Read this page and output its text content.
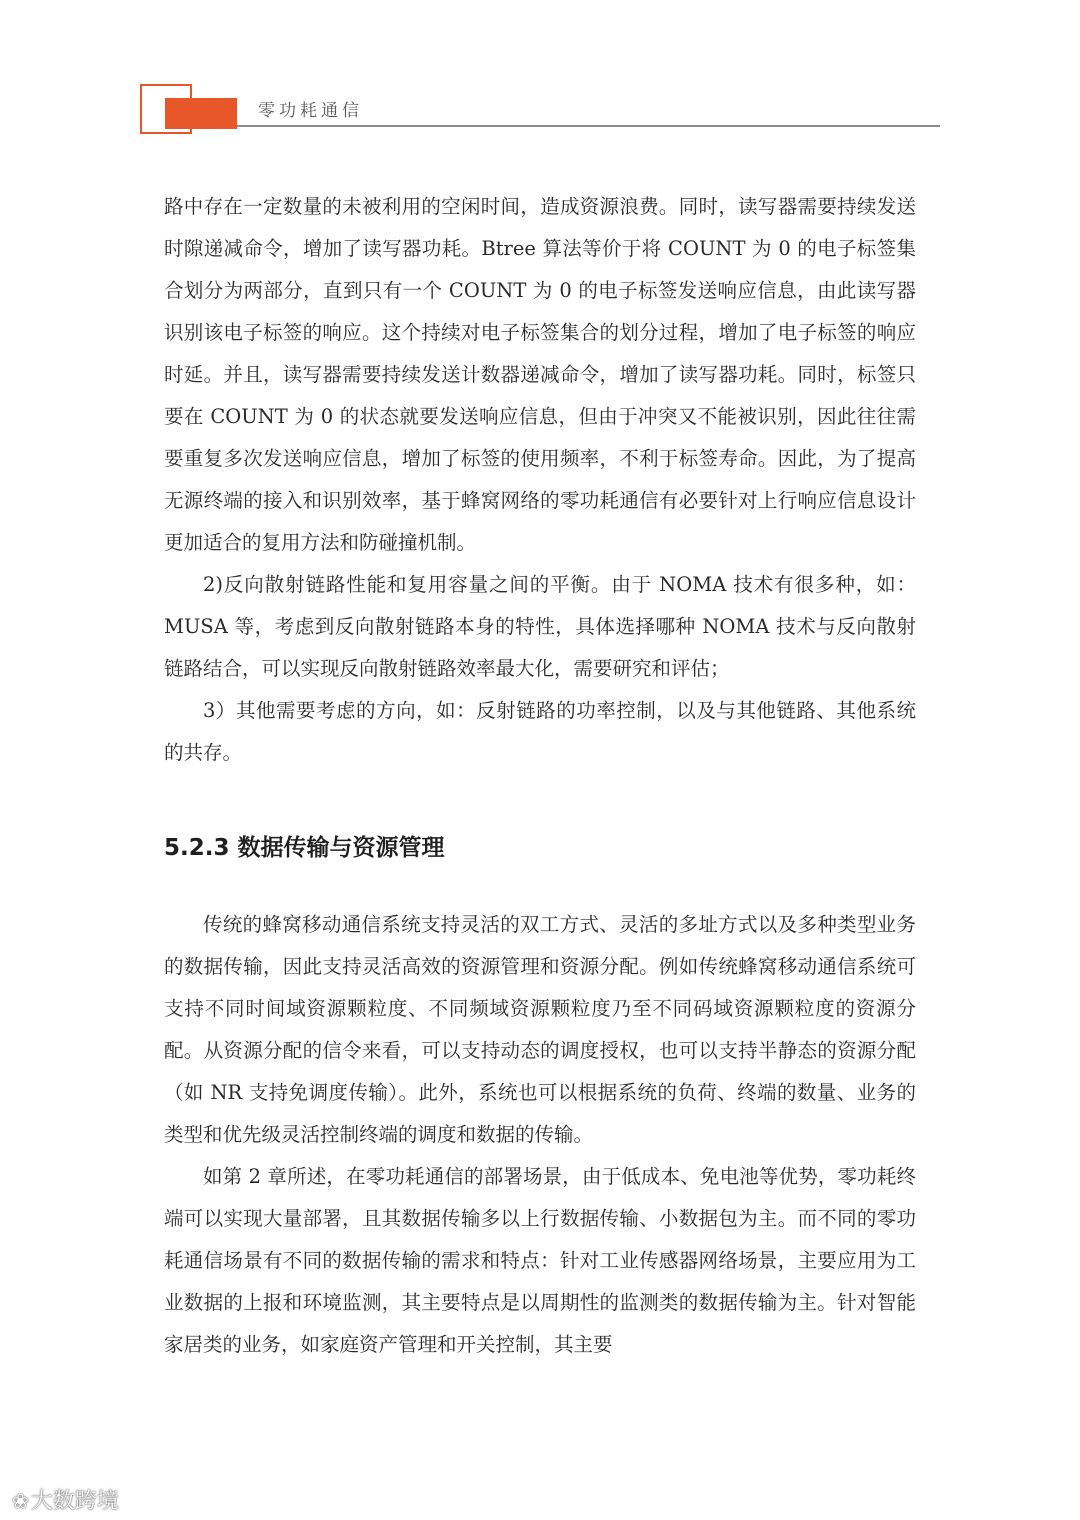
零功耗通信

路中存在一定数量的未被利用的空闲时间，造成资源浪费。同时，读写器需要持续发送时隙递减命令，增加了读写器功耗。Btree 算法等价于将 COUNT 为 0 的电子标签集合划分为两部分，直到只有一个 COUNT 为 0 的电子标签发送响应信息，由此读写器识别该电子标签的响应。这个持续对电子标签集合的划分过程，增加了电子标签的响应时延。并且，读写器需要持续发送计数器递减命令，增加了读写器功耗。同时，标签只要在 COUNT 为 0 的状态就要发送响应信息，但由于冲突又不能被识别，因此往往需要重复多次发送响应信息，增加了标签的使用频率，不利于标签寿命。因此，为了提高无源终端的接入和识别效率，基于蜂窝网络的零功耗通信有必要针对上行响应信息设计更加适合的复用方法和防碰撞机制。

2)反向散射链路性能和复用容量之间的平衡。由于 NOMA 技术有很多种，如：MUSA 等，考虑到反向散射链路本身的特性，具体选择哪种 NOMA 技术与反向散射链路结合，可以实现反向散射链路效率最大化，需要研究和评估；

3）其他需要考虑的方向，如：反射链路的功率控制，以及与其他链路、其他系统的共存。

5.2.3 数据传输与资源管理

传统的蜂窝移动通信系统支持灵活的双工方式、灵活的多址方式以及多种类型业务的数据传输，因此支持灵活高效的资源管理和资源分配。例如传统蜂窝移动通信系统可支持不同时间域资源颗粒度、不同频域资源颗粒度乃至不同码域资源颗粒度的资源分配。从资源分配的信令来看，可以支持动态的调度授权，也可以支持半静态的资源分配（如 NR 支持免调度传输）。此外，系统也可以根据系统的负荷、终端的数量、业务的类型和优先级灵活控制终端的调度和数据的传输。

如第 2 章所述，在零功耗通信的部署场景，由于低成本、免电池等优势，零功耗终端可以实现大量部署，且其数据传输多以上行数据传输、小数据包为主。而不同的零功耗通信场景有不同的数据传输的需求和特点：针对工业传感器网络场景，主要应用为工业数据的上报和环境监测，其主要特点是以周期性的监测类的数据传输为主。针对智能家居类的业务，如家庭资产管理和开关控制，其主要

❀大数跨境
